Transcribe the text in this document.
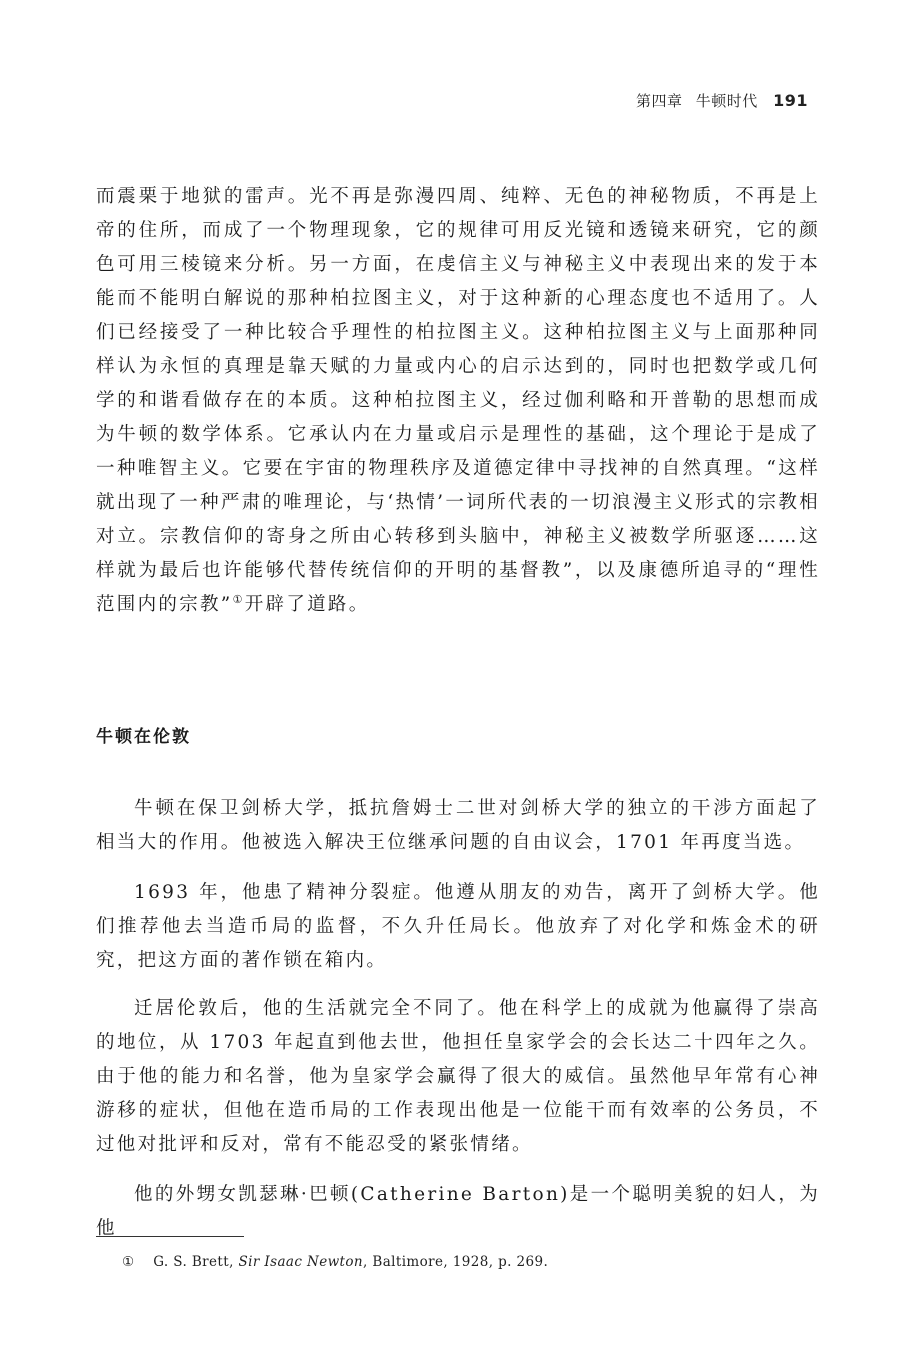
第四章 牛顿时代 191

而震栗于地狱的雷声。光不再是弥漫四周、纯粹、无色的神秘物质，不再是上帝的住所，而成了一个物理现象，它的规律可用反光镜和透镜来研究，它的颜色可用三棱镜来分析。另一方面，在虔信主义与神秘主义中表现出来的发于本能而不能明白解说的那种柏拉图主义，对于这种新的心理态度也不适用了。人们已经接受了一种比较合乎理性的柏拉图主义。这种柏拉图主义与上面那种同样认为永恒的真理是靠天赋的力量或内心的启示达到的，同时也把数学或几何学的和谐看做存在的本质。这种柏拉图主义，经过伽利略和开普勒的思想而成为牛顿的数学体系。它承认内在力量或启示是理性的基础，这个理论于是成了一种唯智主义。它要在宇宙的物理秩序及道德定律中寻找神的自然真理。“这样就出现了一种严肃的唯理论，与‘热情’一词所代表的一切浪漫主义形式的宗教相对立。宗教信仰的寄身之所由心转移到头脑中，神秘主义被数学所驱逐……这样就为最后也许能够代替传统信仰的开明的基督教”，以及康德所追寻的“理性范围内的宗教”①开辟了道路。

牛顿在伦敦

牛顿在保卫剑桥大学，抵抗詹姆士二世对剑桥大学的独立的干涉方面起了相当大的作用。他被选入解决王位继承问题的自由议会，1701 年再度当选。

1693 年，他患了精神分裂症。他遵从朋友的劝告，离开了剑桥大学。他们推荐他去当造币局的监督，不久升任局长。他放弃了对化学和炼金术的研究，把这方面的著作锁在箱内。

迁居伦敦后，他的生活就完全不同了。他在科学上的成就为他赢得了崇高的地位，从 1703 年起直到他去世，他担任皇家学会的会长达二十四年之久。由于他的能力和名誉，他为皇家学会赢得了很大的威信。虽然他早年常有心神游移的症状，但他在造币局的工作表现出他是一位能干而有效率的公务员，不过他对批评和反对，常有不能忍受的紧张情绪。

他的外甥女凯瑟琳·巴顿(Catherine Barton)是一个聪明美貌的妇人，为他

① G. S. Brett, Sir Isaac Newton, Baltimore, 1928, p. 269.
